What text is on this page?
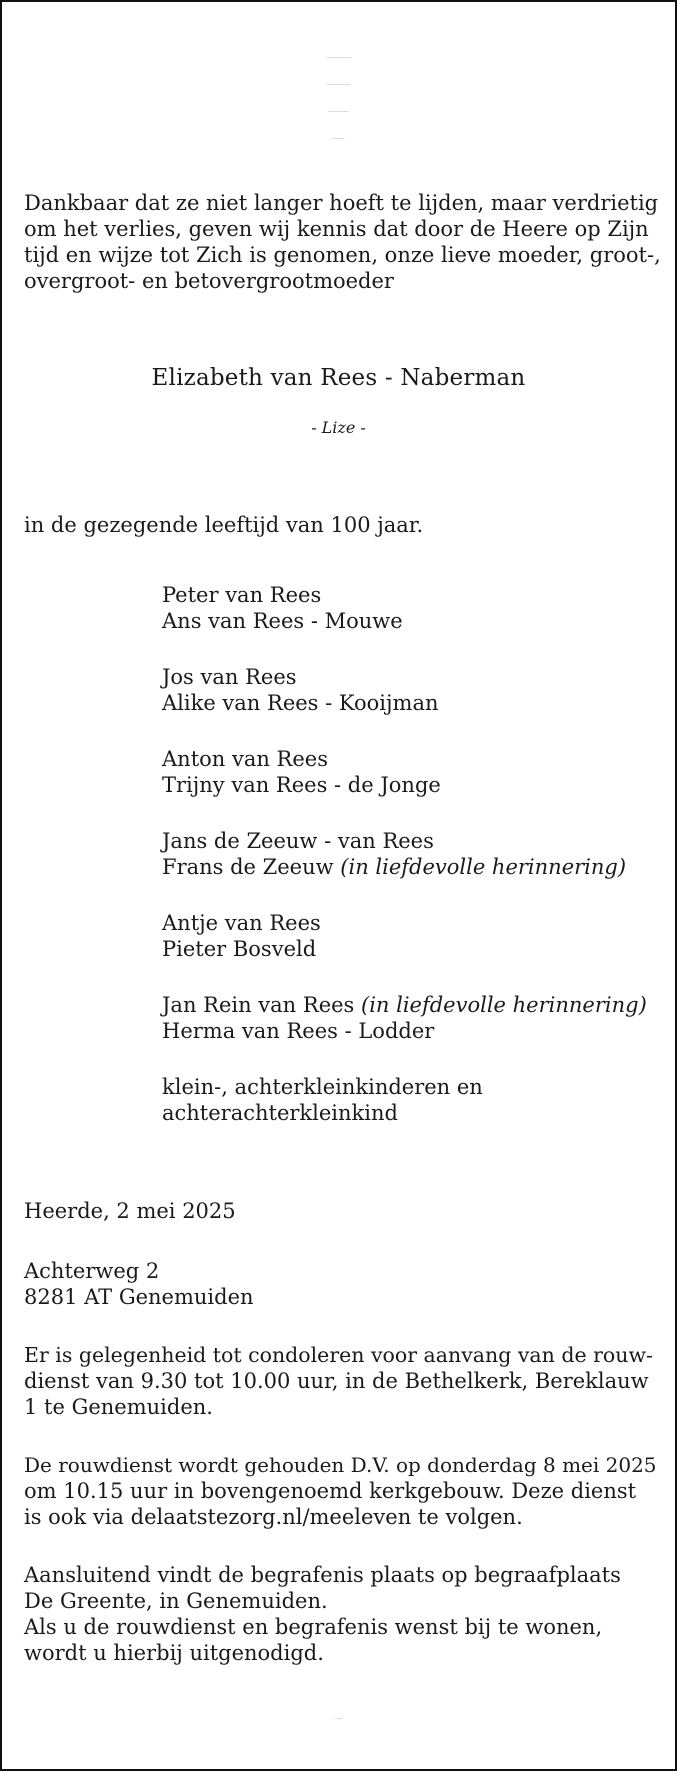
Al ging ik ook in een dal der schaduw des doods,
ik zou geen kwaad vrezen, want Gij zijt met mij;
Uw stok en Uw staf, die vertroosten mij.
Psalm 23:4 (onberijmd)
Dankbaar dat ze niet langer hoeft te lijden, maar verdrietig
om het verlies, geven wij kennis dat door de Heere op Zijn
tijd en wijze tot Zich is genomen, onze lieve moeder, groot-,
overgroot- en betovergrootmoeder
Elizabeth van Rees - Naberman
- Lize -
in de gezegende leeftijd van 100 jaar.
Peter van Rees
Ans van Rees - Mouwe
Jos van Rees
Alike van Rees - Kooijman
Anton van Rees
Trijny van Rees - de Jonge
Jans de Zeeuw - van Rees
Frans de Zeeuw (in liefdevolle herinnering)
Antje van Rees
Pieter Bosveld
Jan Rein van Rees (in liefdevolle herinnering)
Herma van Rees - Lodder
klein-, achterkleinkinderen en
achterachterkleinkind
Heerde, 2 mei 2025
Achterweg 2
8281 AT Genemuiden
Er is gelegenheid tot condoleren voor aanvang van de rouw-
dienst van 9.30 tot 10.00 uur, in de Bethelkerk, Bereklauw
1 te Genemuiden.
De rouwdienst wordt gehouden D.V. op donderdag 8 mei 2025
om 10.15 uur in bovengenoemd kerkgebouw. Deze dienst
is ook via delaatstezorg.nl/meeleven te volgen.
Aansluitend vindt de begrafenis plaats op begraafplaats
De Greente, in Genemuiden.
Als u de rouwdienst en begrafenis wenst bij te wonen,
wordt u hierbij uitgenodigd.
Geen bloemen.
